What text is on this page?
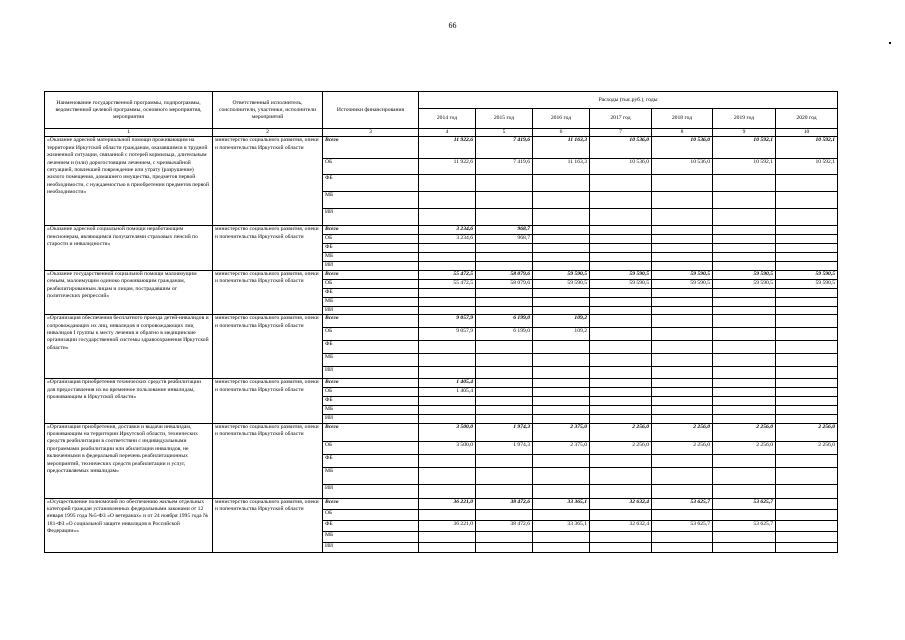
66
Наименование государственной программы, подпрограммы, ведомственной целевой программы, основного мероприятия, мероприятия	Ответственный исполнитель, соисполнители, участники, исполнители мероприятий	Источники финансирования	Расходы (тыс.руб.), годы						
			2014 год	2015 год	2016 год	2017 год	2018 год	2019 год	2020 год
1	2	3	4	5	6	7	8	9	10
«Оказание адресной материальной помощи проживающим на территории Иркутской области гражданам, оказавшимся в трудной жизненной ситуации, связанной с потерей кормильца, длительным лечением и (или) дорогостоящим лечением, с чрезвычайной ситуацией, повлекшей повреждение или утрату (разрушение) жилого помещения, домашнего имущества, предметов первой необходимости, с нуждаемостью в приобретении предметов первой необходимости»	министерство социального развития, опеки и попечительства Иркутской области	Всего	11 922,6	7 419,6	11 163,3	10 536,0	10 536,0	10 592,1	10 592,1
		ОБ	11 922,6	7 419,6	11 163,3	10 536,0	10 536,0	10 592,1	10 592,1
		ФБ							
		МБ							
		ИИ							
«Оказание адресной социальной помощи неработающим пенсионерам, являющимся получателями страховых пенсий по старости и инвалидности»	министерство социального развития, опеки и попечительства Иркутской области	Всего	3 234,6	968,7					
		ОБ	3 234,6	968,7					
		ФБ							
		МБ							
		ИИ							
«Оказание государственной социальной помощи малоимущим семьям, малоимущим одиноко проживающим гражданам, реабилитированным лицам и лицам, пострадавшим от политических репрессий»	министерство социального развития, опеки и попечительства Иркутской области	Всего	55 472,5	58 079,6	59 590,5	59 590,5	59 590,5	59 590,5	59 590,5
		ОБ	55 472,5	58 079,6	59 590,5	59 590,5	59 590,5	59 590,5	59 590,5
		ФБ							
		МБ							
		ИИ							
«Организация обеспечения бесплатного проезда детей-инвалидов и сопровождающих их лиц, инвалидов и сопровождающих лиц инвалидов I группы к месту лечения и обратно в медицинские организации государственной системы здравоохранения Иркутской области»	министерство социального развития, опеки и попечительства Иркутской области	Всего	9 057,9	6 199,0	109,2				
		ОБ	9 057,9	6 199,0	109,2				
		ФБ							
		МБ							
		ИИ							
«Организация приобретения технических средств реабилитации для предоставления их во временное пользование инвалидам, проживающим в Иркутской области»	министерство социального развития, опеки и попечительства Иркутской области	Всего	1 405,4						
		ОБ	1 405,4						
		ФБ							
		МБ							
		ИИ							
«Организация приобретения, доставки и выдачи инвалидам, проживающим на территории Иркутской области, технических средств реабилитации в соответствии с индивидуальными программами реабилитации или абилитации инвалидов, не включенными в федеральный перечень реабилитационных мероприятий, технических средств реабилитации и услуг, предоставляемых инвалидам»	министерство социального развития, опеки и попечительства Иркутской области	Всего	3 500,0	1 974,3	2 375,0	2 256,0	2 256,0	2 256,0	2 256,0
		ОБ	3 500,0	1 974,3	2 375,0	2 256,0	2 256,0	2 256,0	2 256,0
		ФБ							
		МБ							
		ИИ							
«Осуществление полномочий по обеспечению жильем отдельных категорий граждан установленных федеральными законами от 12 января 1995 года №5-ФЗ «О ветеранах» и от 24 ноября 1995 года № 181-ФЗ «О социальной защите инвалидов в Российской Федерации»»	министерство социального развития, опеки и попечительства Иркутской области	Всего	36 221,0	38 472,6	33 365,1	32 632,4	53 625,7	53 625,7	
		ОБ							
		ФБ	36 221,0	38 472,6	33 365,1	32 632,4	53 625,7	53 625,7	
		МБ							
		ИИ							
